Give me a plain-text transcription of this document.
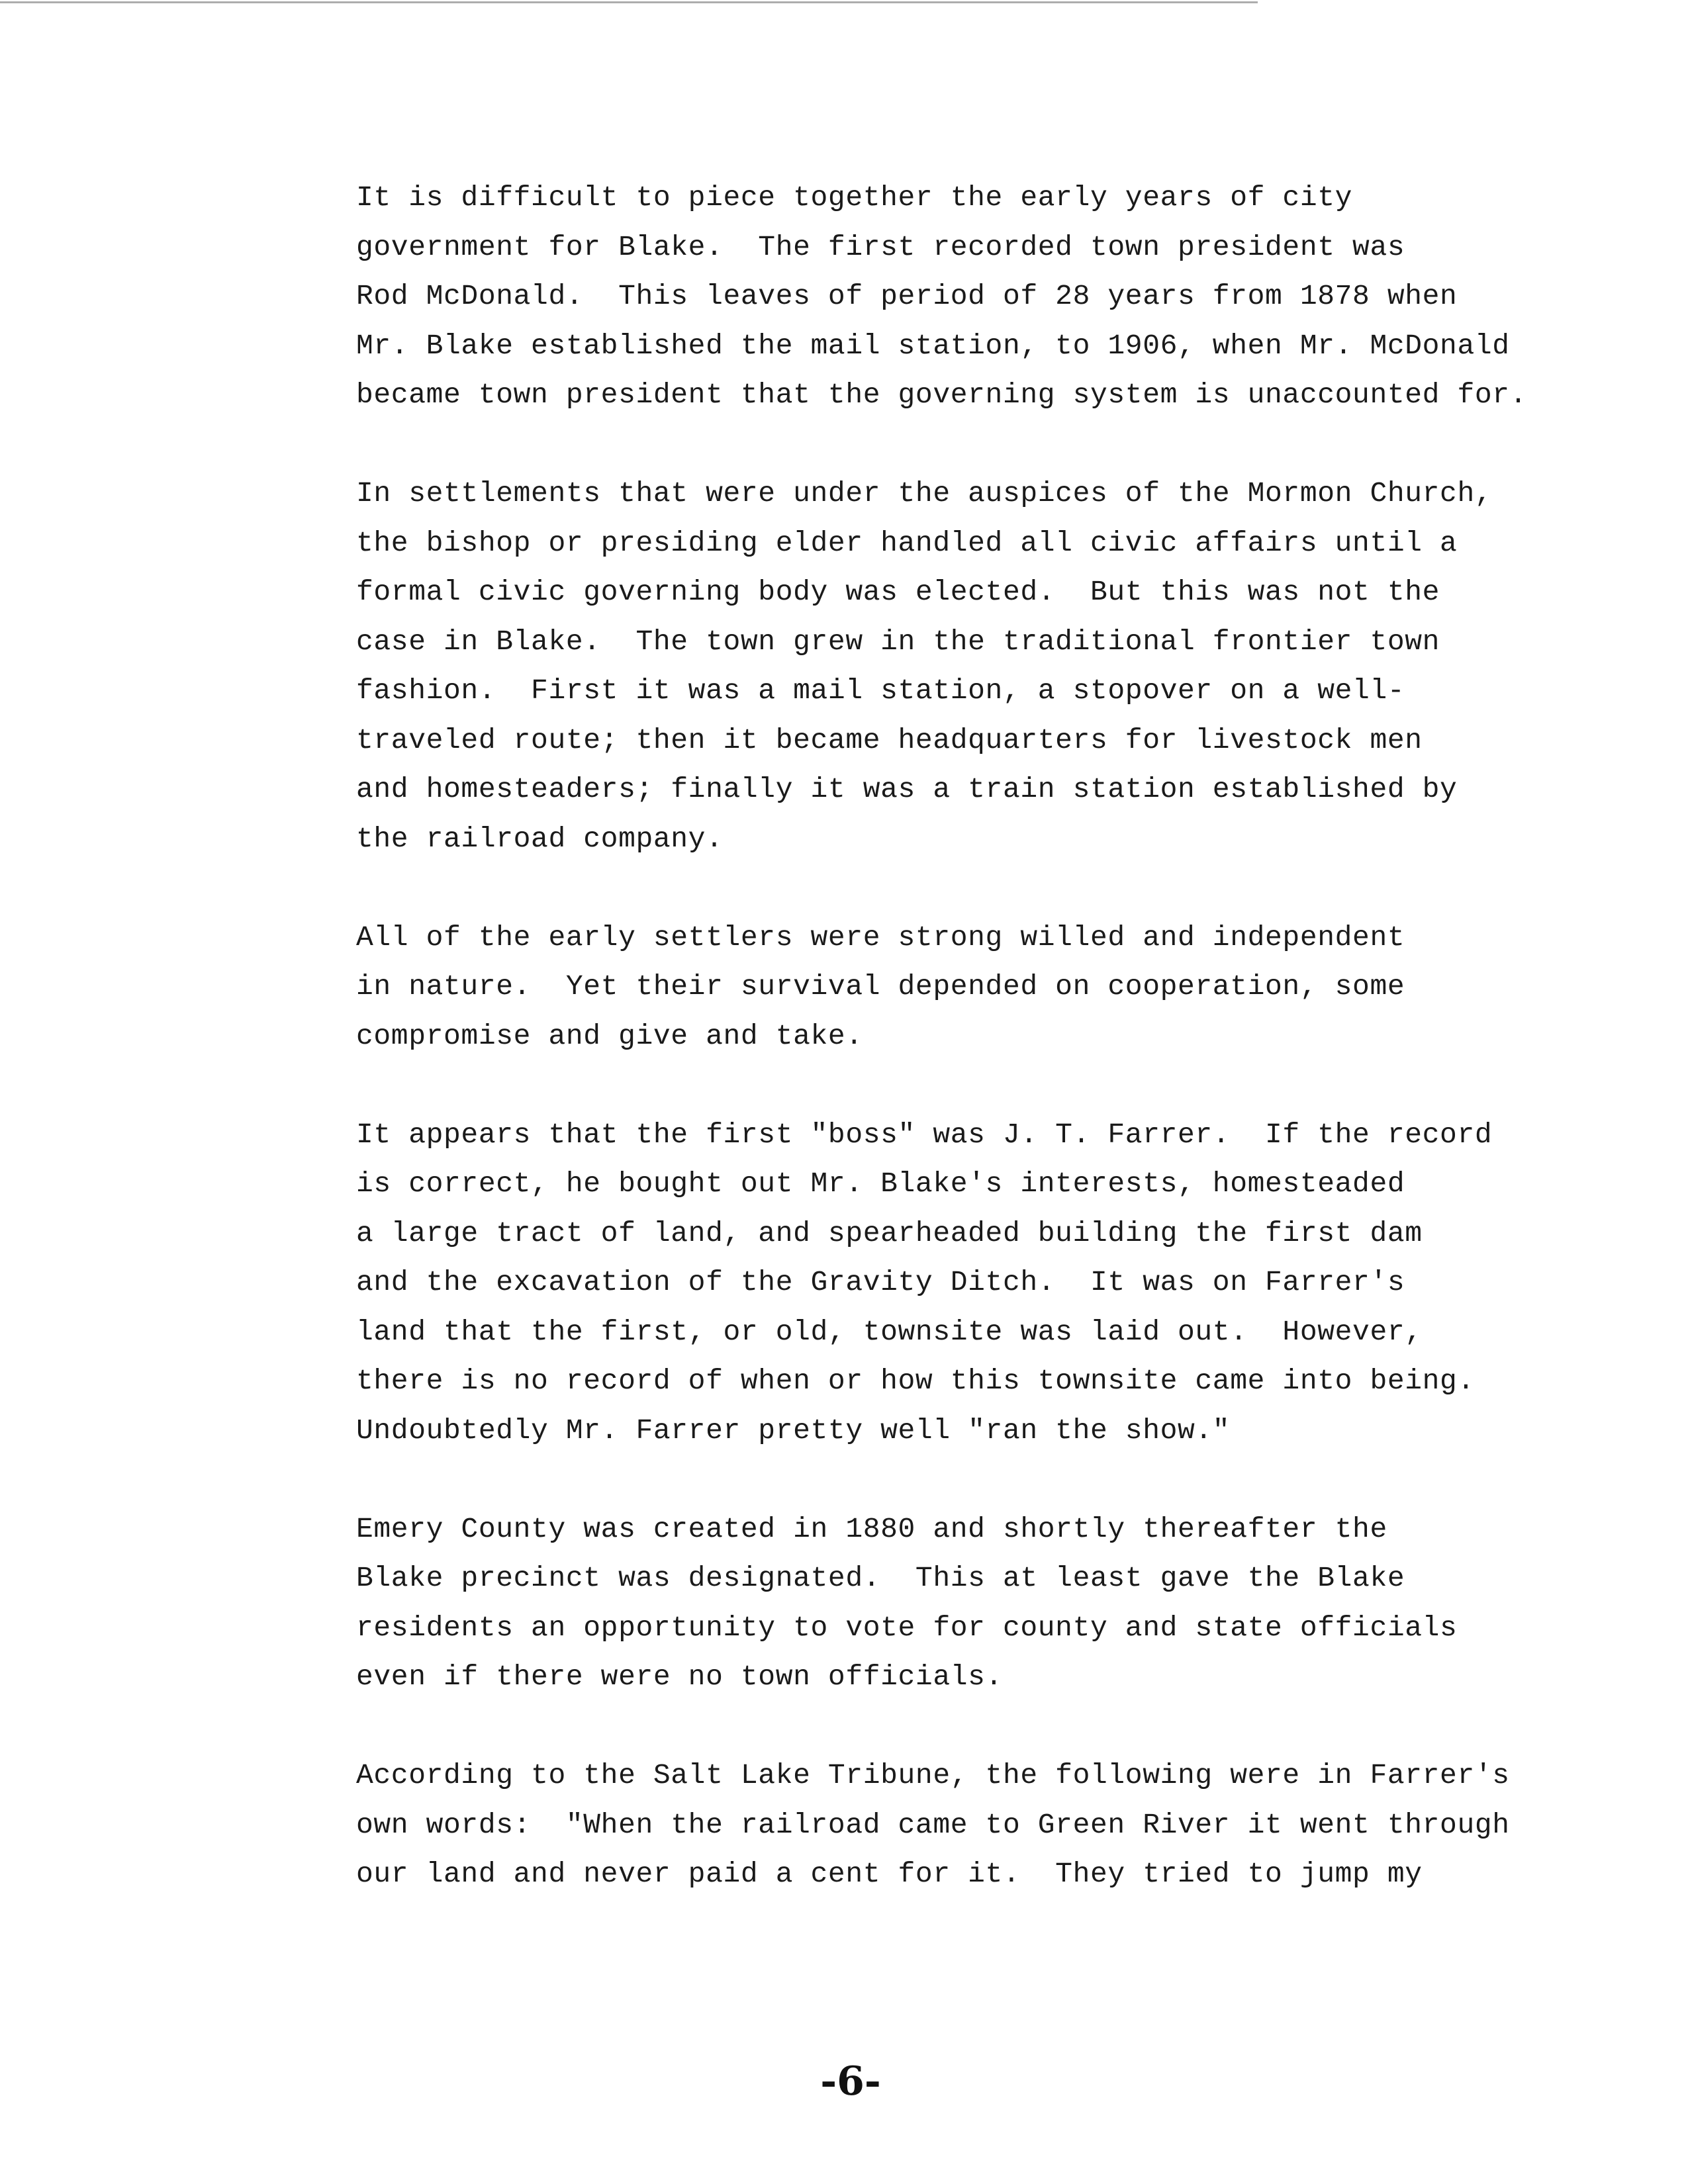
It is difficult to piece together the early years of city
government for Blake.  The first recorded town president was
Rod McDonald.  This leaves of period of 28 years from 1878 when
Mr. Blake established the mail station, to 1906, when Mr. McDonald
became town president that the governing system is unaccounted for.
In settlements that were under the auspices of the Mormon Church,
the bishop or presiding elder handled all civic affairs until a
formal civic governing body was elected.  But this was not the
case in Blake.  The town grew in the traditional frontier town
fashion.  First it was a mail station, a stopover on a well-
traveled route; then it became headquarters for livestock men
and homesteaders; finally it was a train station established by
the railroad company.
All of the early settlers were strong willed and independent
in nature.  Yet their survival depended on cooperation, some
compromise and give and take.
It appears that the first "boss" was J. T. Farrer.  If the record
is correct, he bought out Mr. Blake's interests, homesteaded
a large tract of land, and spearheaded building the first dam
and the excavation of the Gravity Ditch.  It was on Farrer's
land that the first, or old, townsite was laid out.  However,
there is no record of when or how this townsite came into being.
Undoubtedly Mr. Farrer pretty well "ran the show."
Emery County was created in 1880 and shortly thereafter the
Blake precinct was designated.  This at least gave the Blake
residents an opportunity to vote for county and state officials
even if there were no town officials.
According to the Salt Lake Tribune, the following were in Farrer's
own words:  "When the railroad came to Green River it went through
our land and never paid a cent for it.  They tried to jump my
-6-
